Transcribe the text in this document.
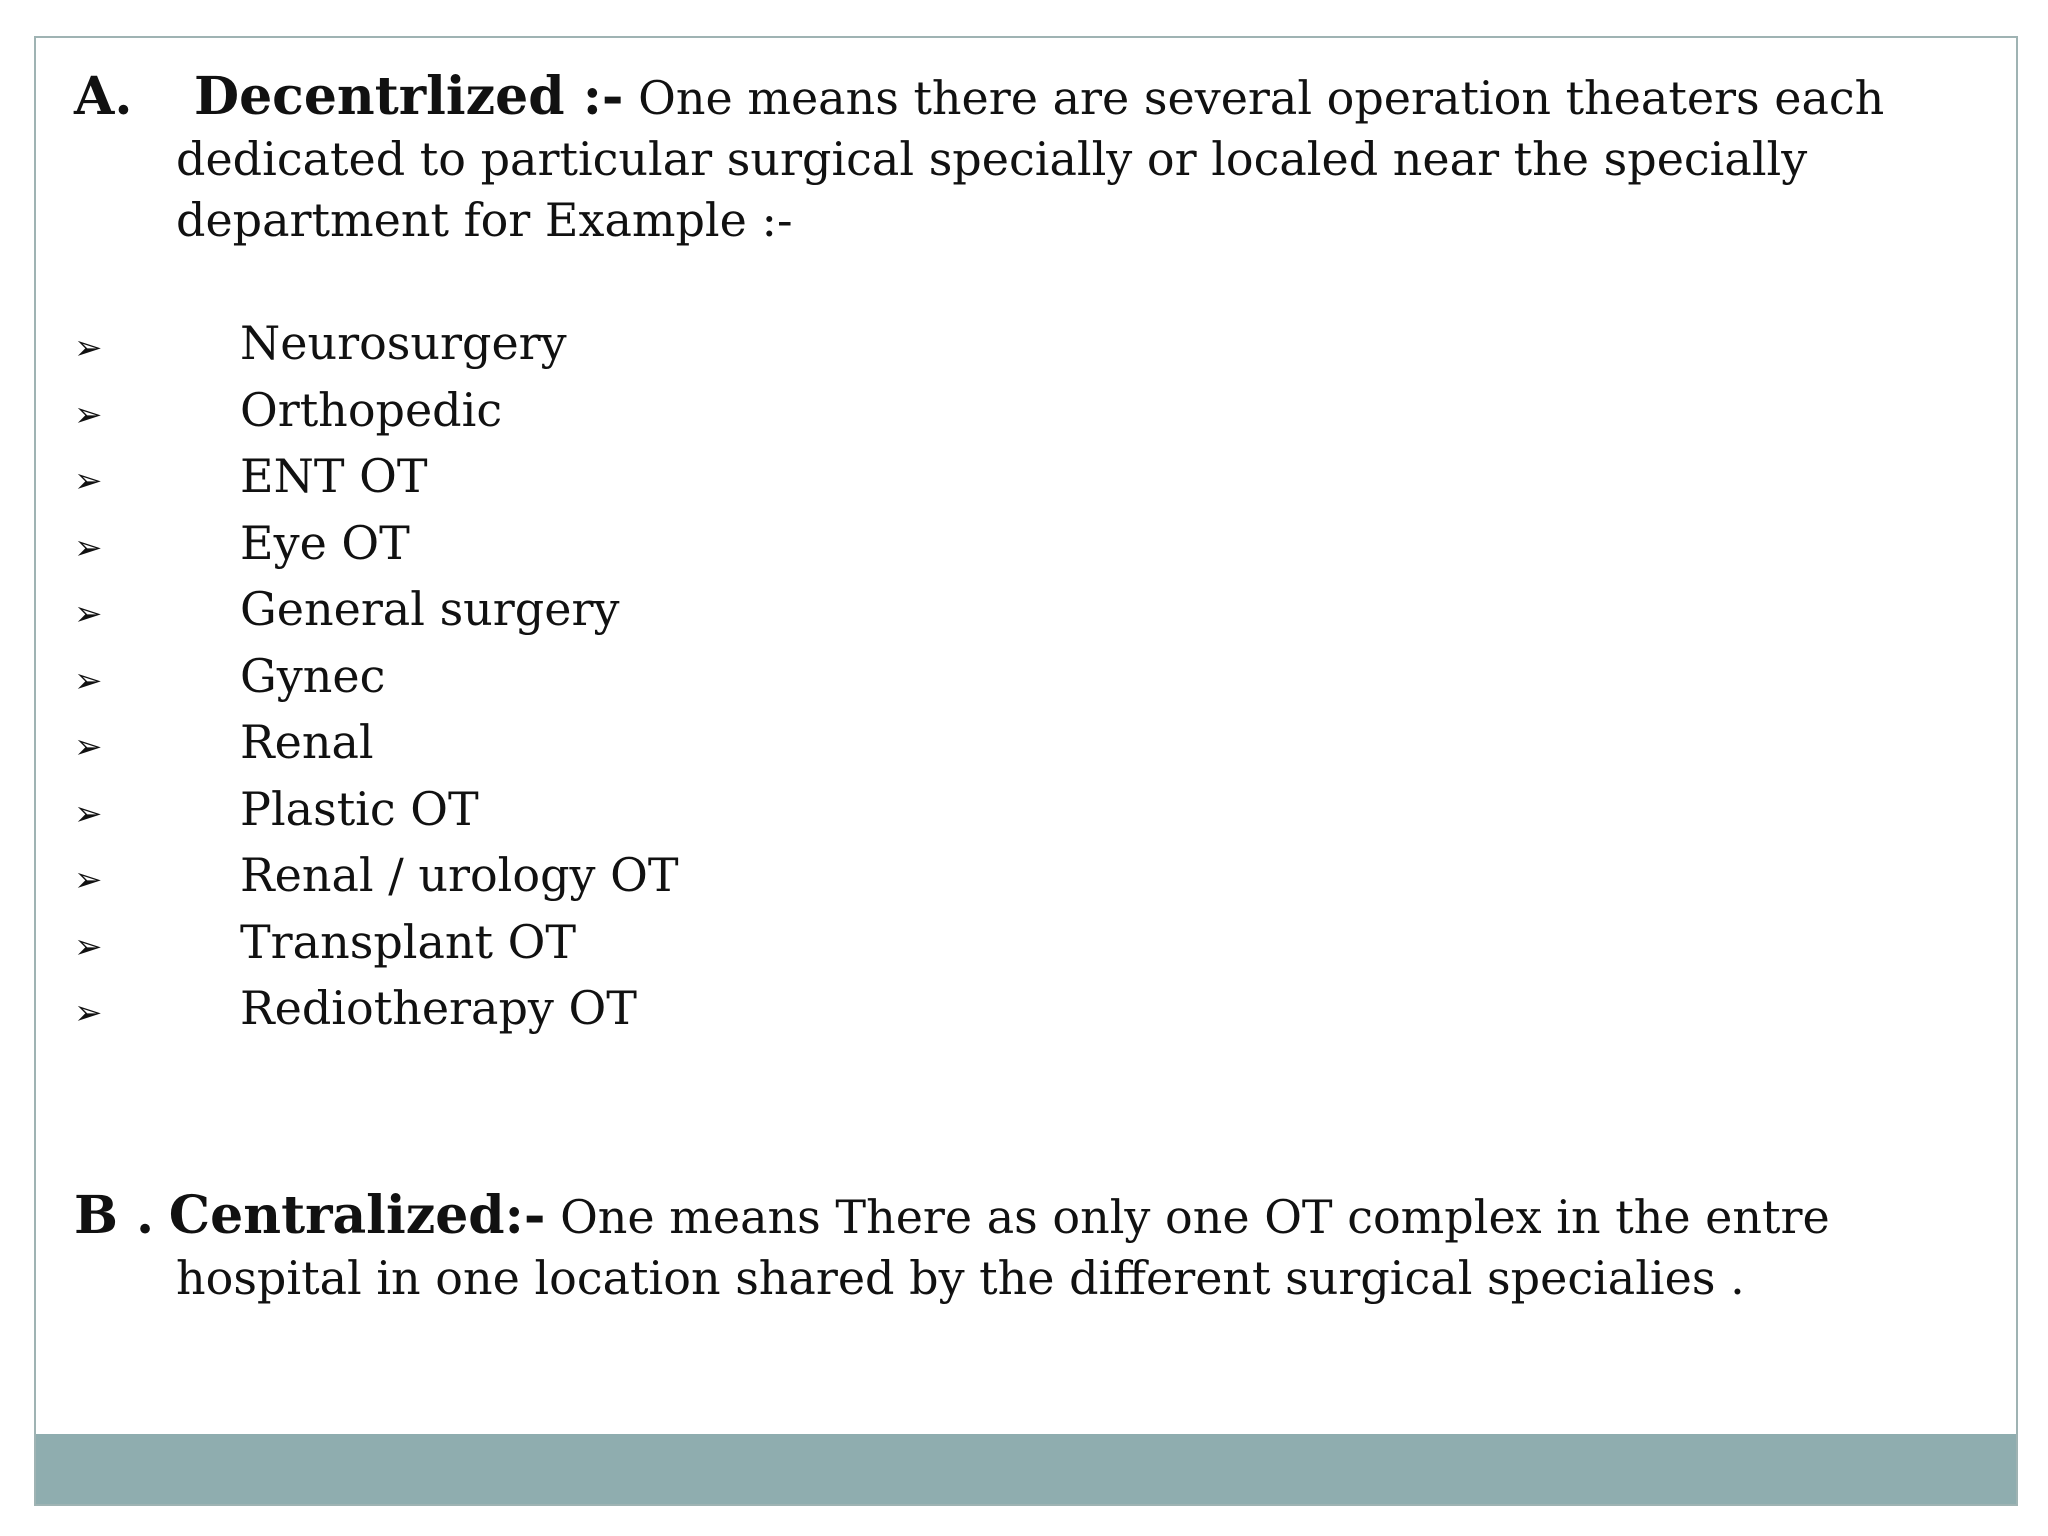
A. Decentrlized :- One means there are several operation theaters each dedicated to particular surgical specially or localed near the specially department for Example :-

➢	Neurosurgery
➢	Orthopedic
➢	ENT OT
➢	Eye OT
➢	General surgery
➢	Gynec
➢	Renal
➢	Plastic OT
➢	Renal / urology OT
➢	Transplant OT
➢	Rediotherapy OT

B . Centralized:- One means There as only one OT complex in the entre hospital in one location shared by the different surgical specialies .
